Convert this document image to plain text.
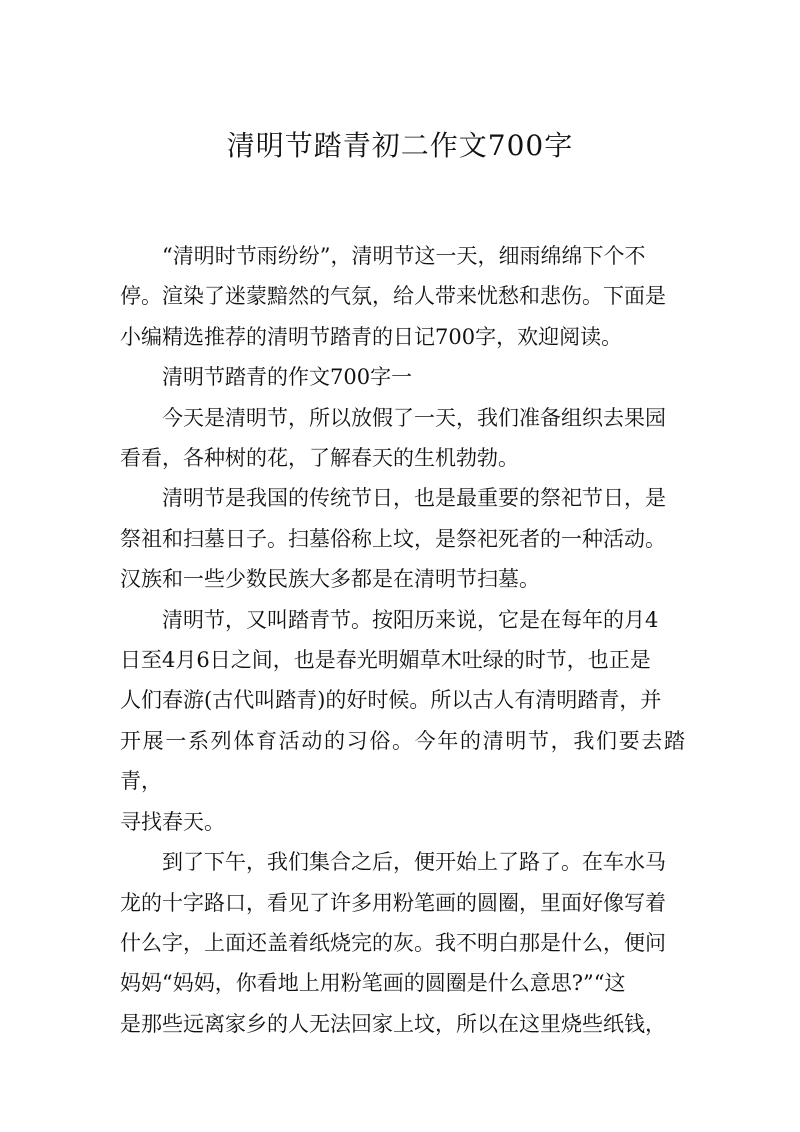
清明节踏青初二作文700字

“清明时节雨纷纷”，清明节这一天，细雨绵绵下个不
停。渲染了迷蒙黯然的气氛，给人带来忧愁和悲伤。下面是
小编精选推荐的清明节踏青的日记700字，欢迎阅读。

清明节踏青的作文700字一

今天是清明节，所以放假了一天，我们准备组织去果园
看看，各种树的花，了解春天的生机勃勃。

清明节是我国的传统节日，也是最重要的祭祀节日，是
祭祖和扫墓日子。扫墓俗称上坟，是祭祀死者的一种活动。
汉族和一些少数民族大多都是在清明节扫墓。

清明节，又叫踏青节。按阳历来说，它是在每年的月4
日至4月6日之间，也是春光明媚草木吐绿的时节，也正是
人们春游(古代叫踏青)的好时候。所以古人有清明踏青，并
开展一系列体育活动的习俗。今年的清明节，我们要去踏青，
寻找春天。

到了下午，我们集合之后，便开始上了路了。在车水马
龙的十字路口，看见了许多用粉笔画的圆圈，里面好像写着
什么字，上面还盖着纸烧完的灰。我不明白那是什么，便问
妈妈“妈妈，你看地上用粉笔画的圆圈是什么意思?”“这
是那些远离家乡的人无法回家上坟，所以在这里烧些纸钱，
